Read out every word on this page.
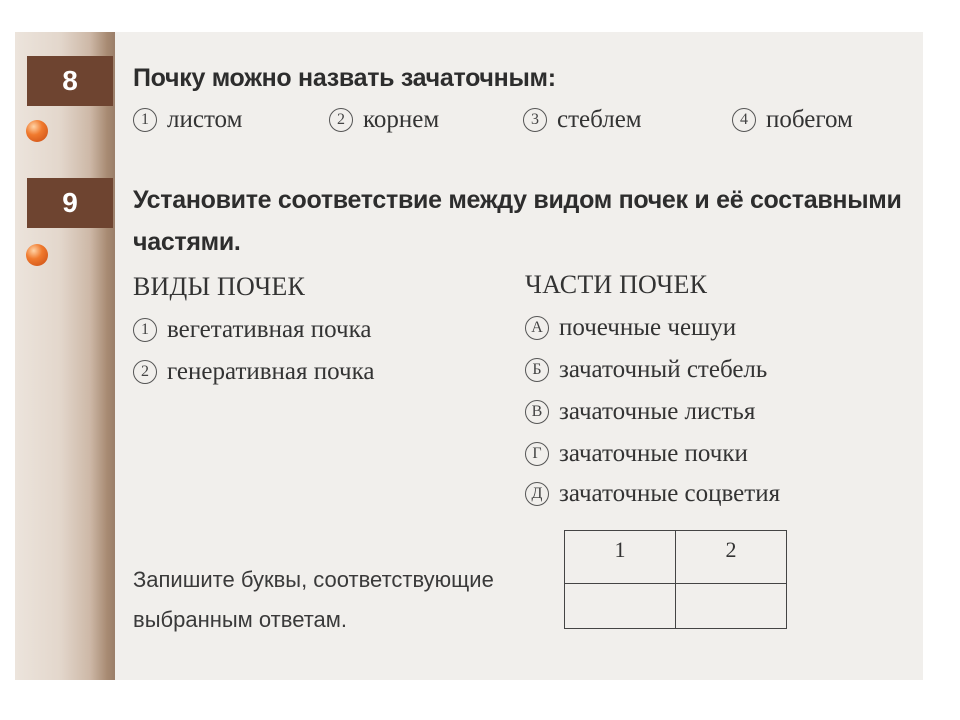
8	Почку можно назвать зачаточным:
1 листом	2 корнем	3 стеблем	4 побегом
9	Установите соответствие между видом почек и её составными
частями.
ВИДЫ ПОЧЕК	ЧАСТИ ПОЧЕК
1 вегетативная почка
2 генеративная почка
А почечные чешуи
Б зачаточный стебель
В зачаточные листья
Г зачаточные почки
Д зачаточные соцветия
Запишите буквы, соответствующие
выбранным ответам.
1	2
